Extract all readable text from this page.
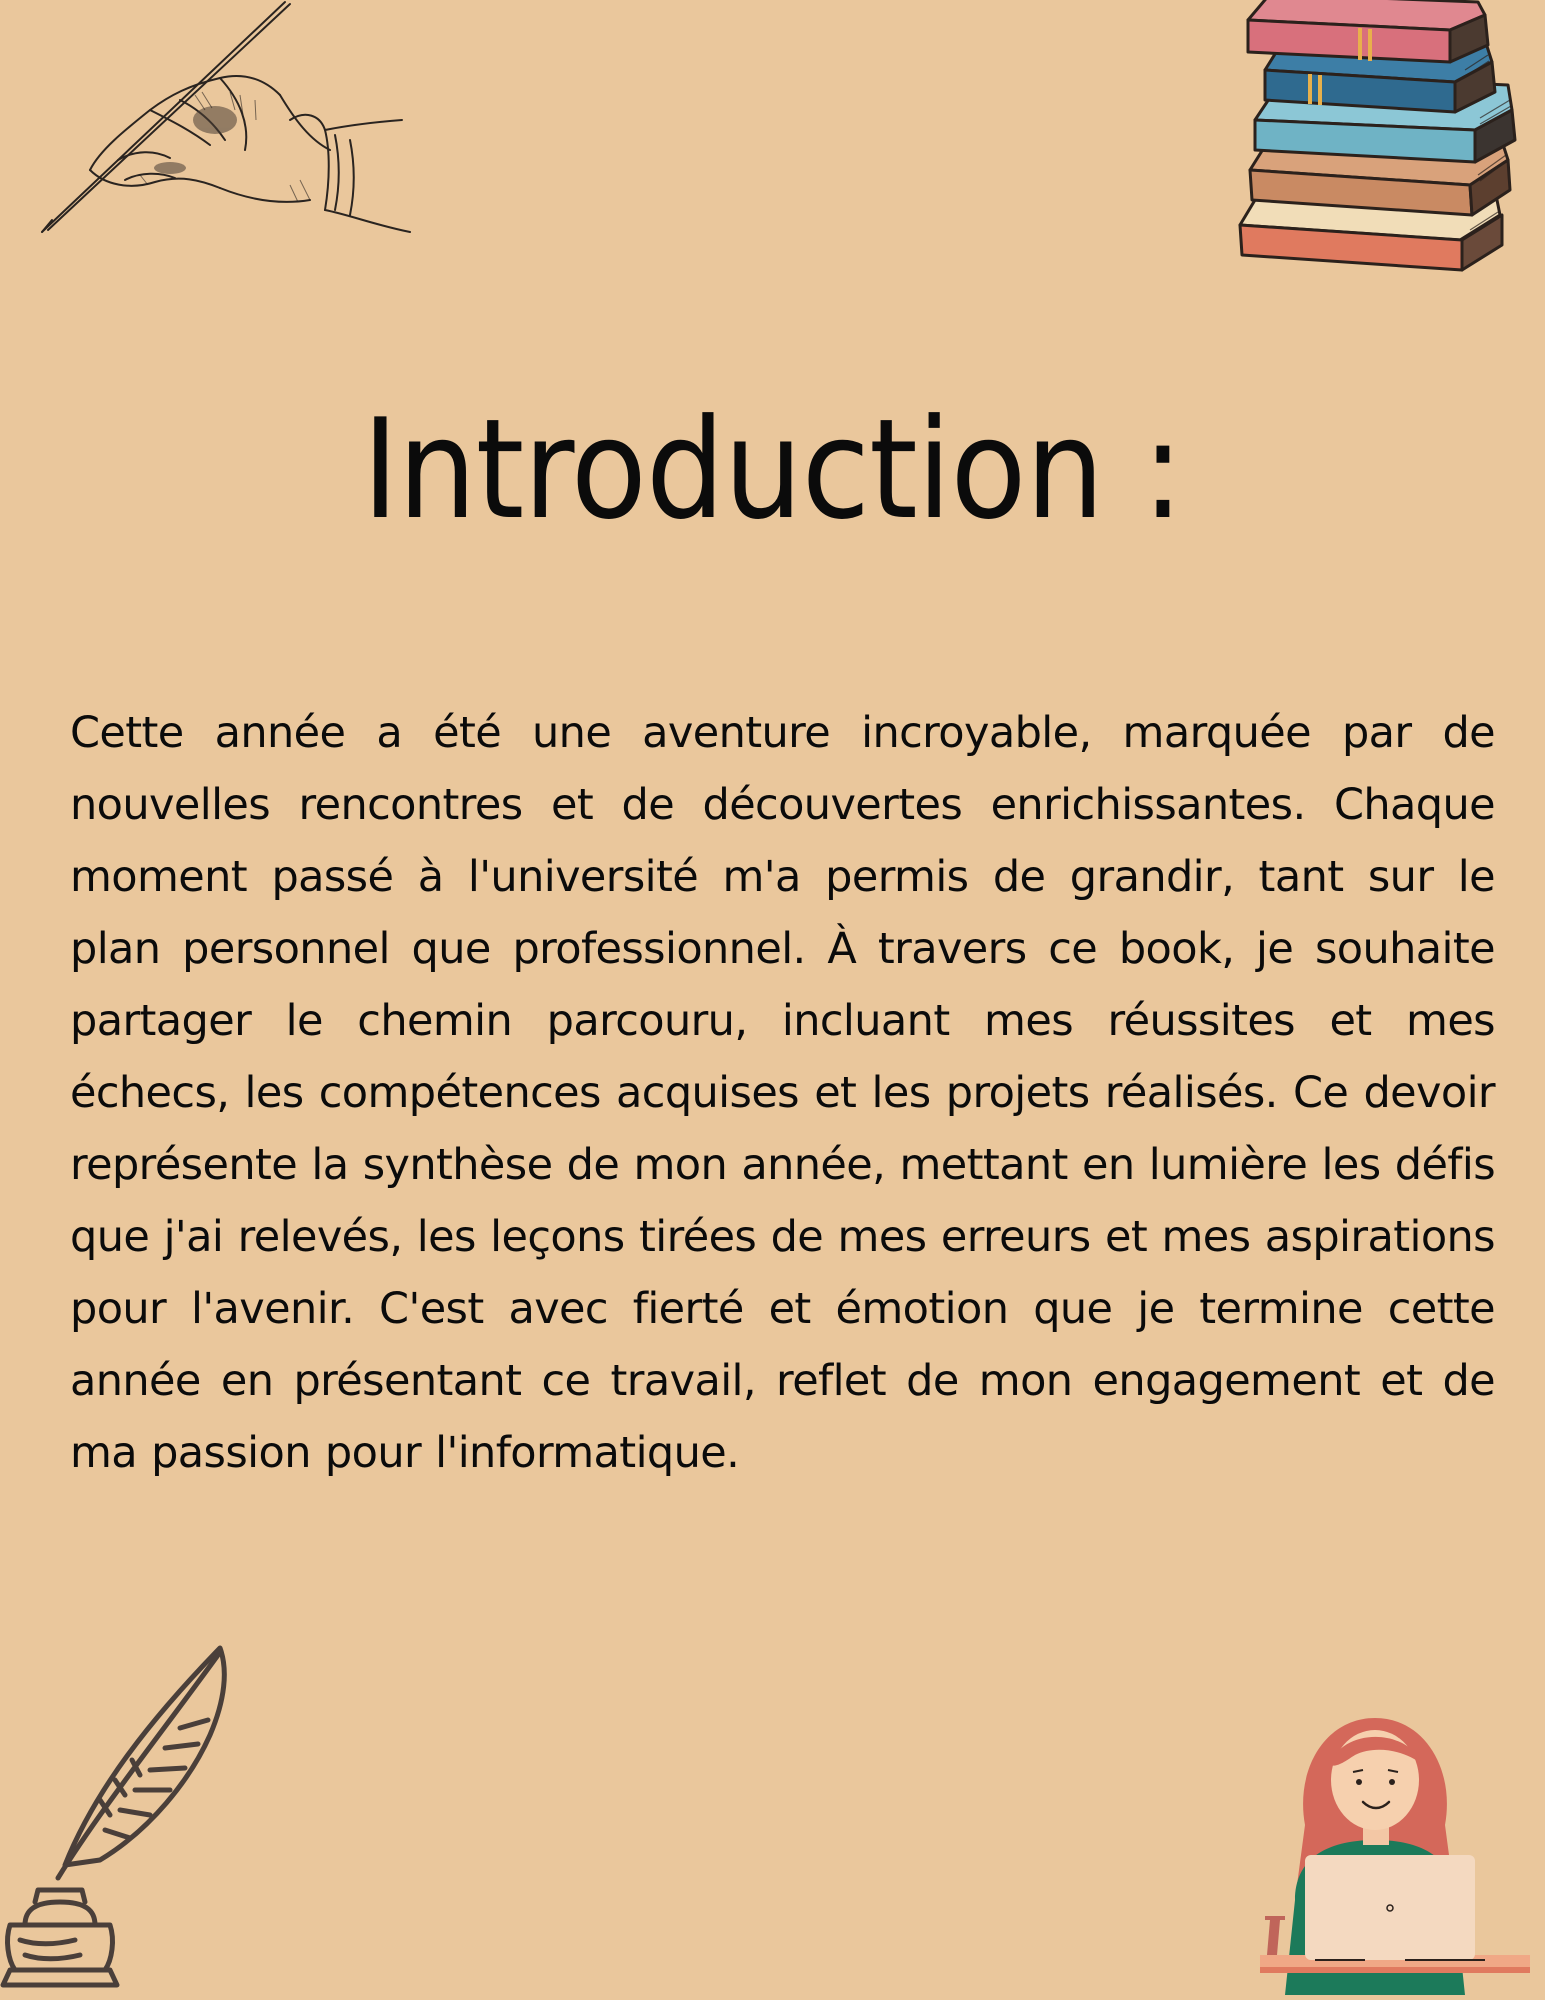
Introduction :

Cette année a été une aventure incroyable, marquée par de nouvelles rencontres et de découvertes enrichissantes. Chaque moment passé à l'université m'a permis de grandir, tant sur le plan personnel que professionnel. À travers ce book, je souhaite partager le chemin parcouru, incluant mes réussites et mes échecs, les compétences acquises et les projets réalisés. Ce devoir représente la synthèse de mon année, mettant en lumière les défis que j'ai relevés, les leçons tirées de mes erreurs et mes aspirations pour l'avenir. C'est avec fierté et émotion que je termine cette année en présentant ce travail, reflet de mon engagement et de ma passion pour l'informatique.
